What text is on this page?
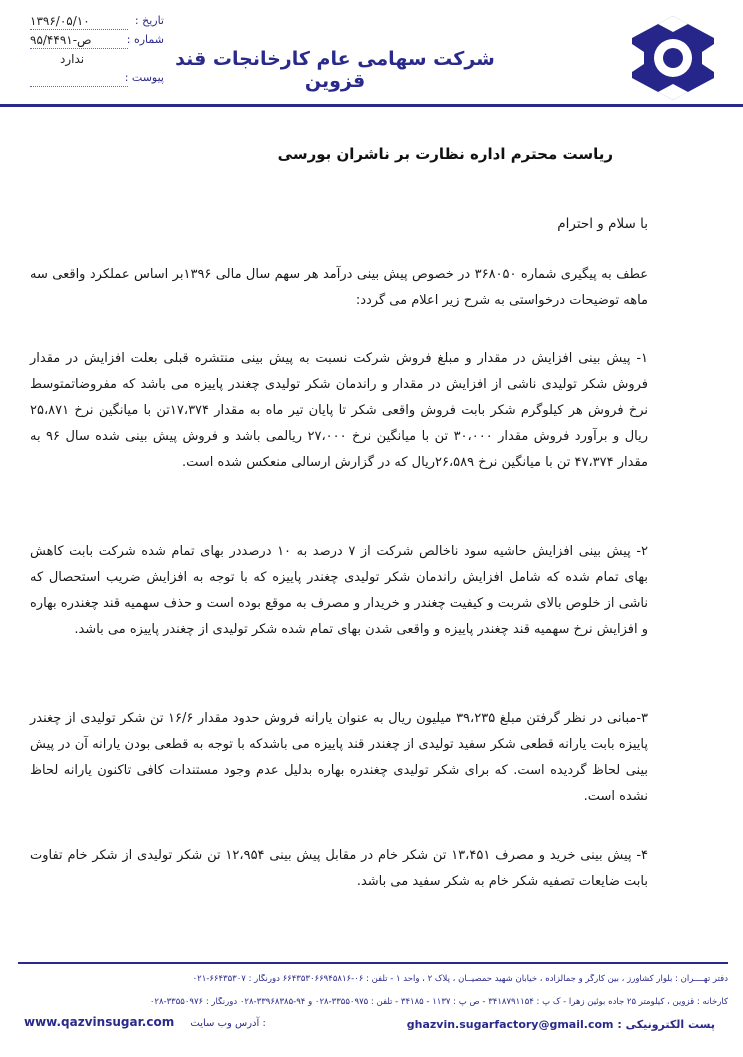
شرکت سهامی عام کارخانجات قند قزوین
تاریخ :
۱۳۹۶/۰۵/۱۰
شماره :
۹۵/۴۴۹۱-ص
ندارد
پیوست :
ریاست محترم اداره نظارت بر ناشران بورسی
با سلام و احترام

عطف به پیگیری شماره ۳۶۸۰۵۰ در خصوص پیش بینی درآمد هر سهم سال مالی ۱۳۹۶بر اساس عملکرد واقعی سه ماهه توضیحات درخواستی به شرح زیر اعلام می گردد:

۱- پیش بینی افزایش در مقدار و مبلغ فروش شرکت نسبت به پیش بینی منتشره قبلی بعلت افزایش در مقدار فروش شکر تولیدی ناشی از افزایش در مقدار و راندمان شکر تولیدی چغندر پاییزه می باشد که مفروضاتمتوسط نرخ فروش هر کیلوگرم شکر بابت فروش واقعی شکر تا پایان تیر ماه به مقدار ۱۷،۳۷۴تن با میانگین نرخ ۲۵،۸۷۱ ریال و برآورد فروش مقدار ۳۰،۰۰۰ تن با میانگین نرخ ۲۷،۰۰۰ ریالمی باشد و فروش پیش بینی شده سال ۹۶ به مقدار ۴۷،۳۷۴ تن با میانگین نرخ ۲۶،۵۸۹ریال که در گزارش ارسالی منعکس شده است.

۲- پیش بینی افزایش حاشیه سود ناخالص شرکت از ۷ درصد به ۱۰ درصددر بهای تمام شده شرکت بابت کاهش بهای تمام شده که شامل افزایش راندمان شکر تولیدی چغندر پاییزه که با توجه به افزایش ضریب استحصال که ناشی از خلوص بالای شربت و کیفیت چغندر و خریدار و مصرف به موقع بوده است و حذف سهمیه قند چغندره بهاره و افزایش نرخ سهمیه قند چغندر پاییزه و واقعی شدن بهای تمام شده شکر تولیدی از چغندر پاییزه می باشد.

۳-مبانی در نظر گرفتن مبلغ ۳۹،۲۳۵ میلیون ریال به عنوان یارانه فروش حدود مقدار ۱۶/۶ تن شکر تولیدی از چغندر پاییزه بابت یارانه قطعی شکر سفید تولیدی از چغندر قند پاییزه می باشدکه با توجه به قطعی بودن یارانه آن در پیش بینی لحاظ گردیده است. که برای شکر تولیدی چغندره بهاره بدلیل عدم وجود مستندات کافی تاکنون یارانه لحاظ نشده است.

۴- پیش بینی خرید و مصرف ۱۳،۴۵۱ تن شکر خام در مقابل پیش بینی ۱۲،۹۵۴ تن شکر تولیدی از شکر خام تفاوت بابت ضایعات تصفیه شکر خام به شکر سفید می باشد.

دفتر تهــــران : بلوار کشاورز ، بین کارگر و جمالزاده ، خیابان شهید حمصیــان ، پلاک ۲ ، واحد ۱ - تلفن : ۰۶-۶۶۴۳۵۳۰۶۶۹۴۵۸۱۶ دورنگار : ۶۶۴۳۵۳۰۷-۰۲۱
کارخانه : قزوین ، کیلومتر ۲۵ جاده بوئین زهرا - ک پ : ۳۴۱۸۷۹۱۱۵۴ - ص پ : ۱۱۳۷ - ۳۴۱۸۵ - تلفن : ۳۳۵۵۰۹۷۵-۰۲۸ و ۹۴-۳۳۹۶۸۳۸۵-۰۲۸ دورنگار : ۳۳۵۵۰۹۷۶-۰۲۸
پست الکترونیکی : ghazvin.sugarfactory@gmail.com
www.qazvinsugar.com آدرس وب سایت :
